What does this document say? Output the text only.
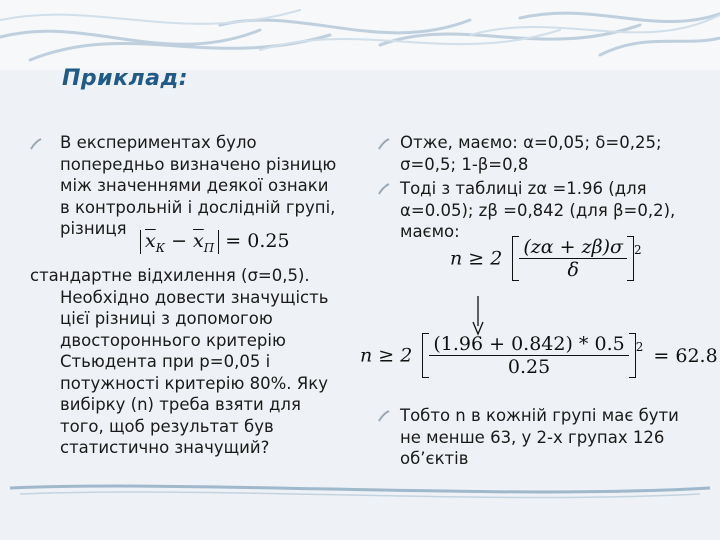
Приклад:
В експериментах було
попередньо визначено різницю
між значеннями деякої ознаки
в контрольній і дослідній групі,
різниця
$\overline{x}_К - \overline{x}_П = 0.25$
стандартне відхилення (σ=0,5).
Необхідно довести значущість
цієї різниці з допомогою
двостороннього критерію
Стьюдента при р=0,05 і
потужності критерію 80%. Яку
вибірку (n) треба взяти для
того, щоб результат був
статистично значущий?
Отже, маємо: α=0,05; δ=0,25;
σ=0,5; 1-β=0,8
Тоді з таблиці zα =1.96 (для
α=0.05); zβ =0,842 (для β=0,2),
маємо:
$n \ge 2 \frac{(z\alpha + z\beta)\sigma}{\delta} ^2$
$n \ge 2 \frac{(1.96 + 0.842) * 0.5}{0.25} ^2 = 62.8$
Тобто n в кожній групі має бути
не менше 63, у 2-х групах 126
об’єктів
